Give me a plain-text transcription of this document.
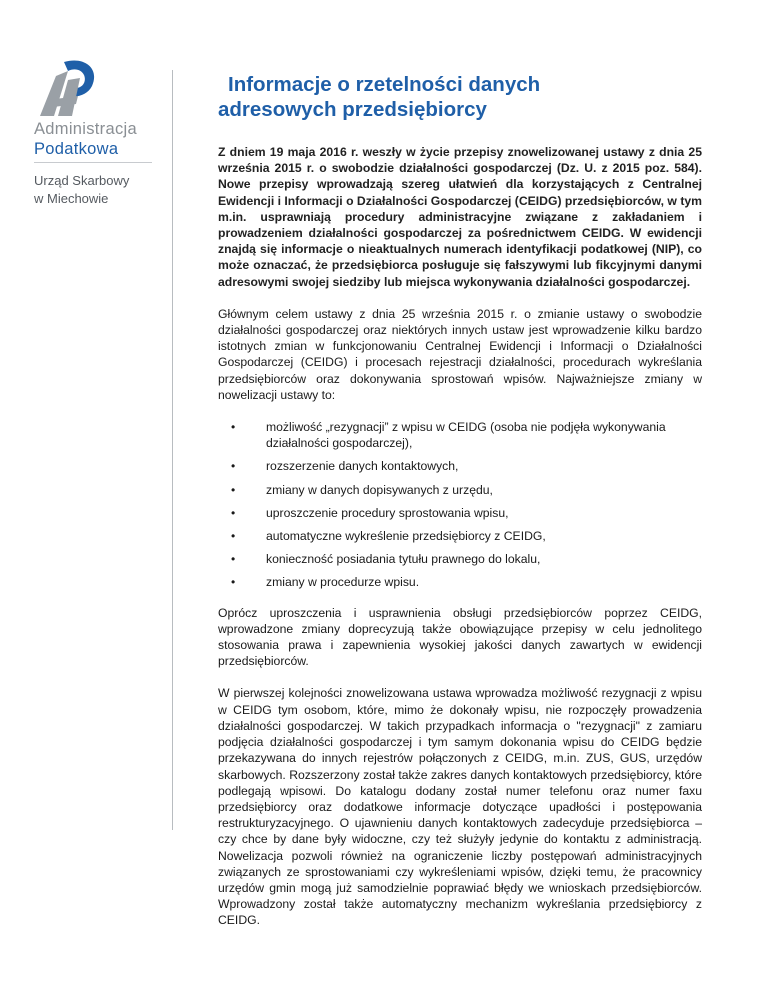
Administracja
Podatkowa
Urząd Skarbowy
w Miechowie
Informacje o rzetelności danych
adresowych przedsiębiorcy

Z dniem 19 maja 2016 r. weszły w życie przepisy znowelizowanej ustawy z dnia 25 września 2015 r. o swobodzie działalności gospodarczej (Dz. U. z 2015 poz. 584). Nowe przepisy wprowadzają szereg ułatwień dla korzystających z Centralnej Ewidencji i Informacji o Działalności Gospodarczej (CEIDG) przedsiębiorców, w tym m.in. usprawniają procedury administracyjne związane z zakładaniem i prowadzeniem działalności gospodarczej za pośrednictwem CEIDG. W ewidencji znajdą się informacje o nieaktualnych numerach identyfikacji podatkowej (NIP), co może oznaczać, że przedsiębiorca posługuje się fałszywymi lub fikcyjnymi danymi adresowymi swojej siedziby lub miejsca wykonywania działalności gospodarczej.

Głównym celem ustawy z dnia 25 września 2015 r. o zmianie ustawy o swobodzie działalności gospodarczej oraz niektórych innych ustaw jest wprowadzenie kilku bardzo istotnych zmian w funkcjonowaniu Centralnej Ewidencji i Informacji o Działalności Gospodarczej (CEIDG) i procesach rejestracji działalności, procedurach wykreślania przedsiębiorców oraz dokonywania sprostowań wpisów. Najważniejsze zmiany w nowelizacji ustawy to:

• możliwość „rezygnacji” z wpisu w CEIDG (osoba nie podjęła wykonywania działalności gospodarczej),
• rozszerzenie danych kontaktowych,
• zmiany w danych dopisywanych z urzędu,
• uproszczenie procedury sprostowania wpisu,
• automatyczne wykreślenie przedsiębiorcy z CEIDG,
• konieczność posiadania tytułu prawnego do lokalu,
• zmiany w procedurze wpisu.

Oprócz uproszczenia i usprawnienia obsługi przedsiębiorców poprzez CEIDG, wprowadzone zmiany doprecyzują także obowiązujące przepisy w celu jednolitego stosowania prawa i zapewnienia wysokiej jakości danych zawartych w ewidencji przedsiębiorców.

W pierwszej kolejności znowelizowana ustawa wprowadza możliwość rezygnacji z wpisu w CEIDG tym osobom, które, mimo że dokonały wpisu, nie rozpoczęły prowadzenia działalności gospodarczej. W takich przypadkach informacja o "rezygnacji" z zamiaru podjęcia działalności gospodarczej i tym samym dokonania wpisu do CEIDG będzie przekazywana do innych rejestrów połączonych z CEIDG, m.in. ZUS, GUS, urzędów skarbowych. Rozszerzony został także zakres danych kontaktowych przedsiębiorcy, które podlegają wpisowi. Do katalogu dodany został numer telefonu oraz numer faxu przedsiębiorcy oraz dodatkowe informacje dotyczące upadłości i postępowania restrukturyzacyjnego. O ujawnieniu danych kontaktowych zadecyduje przedsiębiorca – czy chce by dane były widoczne, czy też służyły jedynie do kontaktu z administracją. Nowelizacja pozwoli również na ograniczenie liczby postępowań administracyjnych związanych ze sprostowaniami czy wykreśleniami wpisów, dzięki temu, że pracownicy urzędów gmin mogą już samodzielnie poprawiać błędy we wnioskach przedsiębiorców. Wprowadzony został także automatyczny mechanizm wykreślania przedsiębiorcy z CEIDG.
